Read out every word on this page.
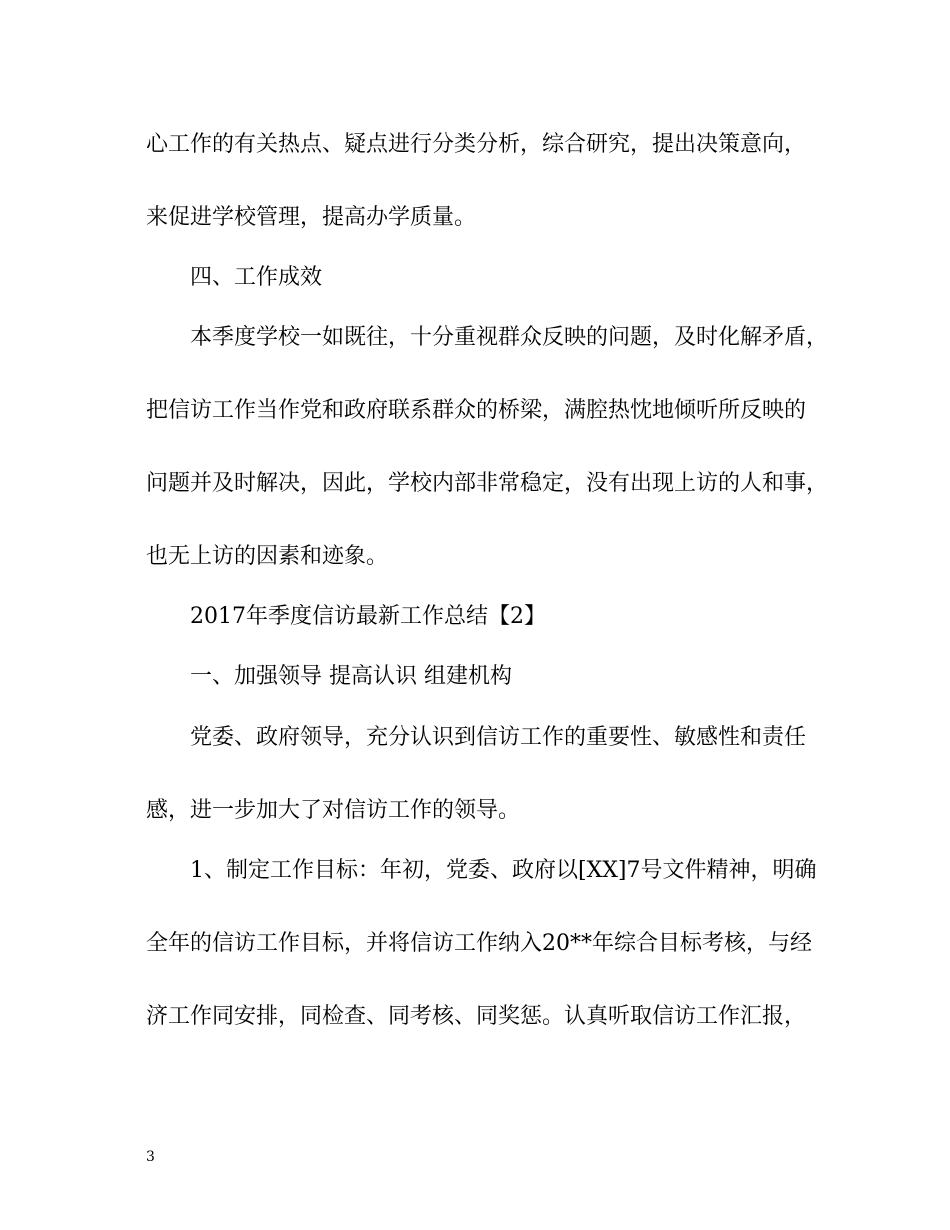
心工作的有关热点、疑点进行分类分析，综合研究，提出决策意向，
来促进学校管理，提高办学质量。
四、工作成效
本季度学校一如既往，十分重视群众反映的问题，及时化解矛盾，
把信访工作当作党和政府联系群众的桥梁，满腔热忱地倾听所反映的
问题并及时解决，因此，学校内部非常稳定，没有出现上访的人和事，
也无上访的因素和迹象。
2017年季度信访最新工作总结【2】
一、加强领导 提高认识 组建机构
党委、政府领导，充分认识到信访工作的重要性、敏感性和责任
感，进一步加大了对信访工作的领导。
1、制定工作目标：年初，党委、政府以[XX]7号文件精神，明确
全年的信访工作目标，并将信访工作纳入20**年综合目标考核，与经
济工作同安排，同检查、同考核、同奖惩。认真听取信访工作汇报，
3
